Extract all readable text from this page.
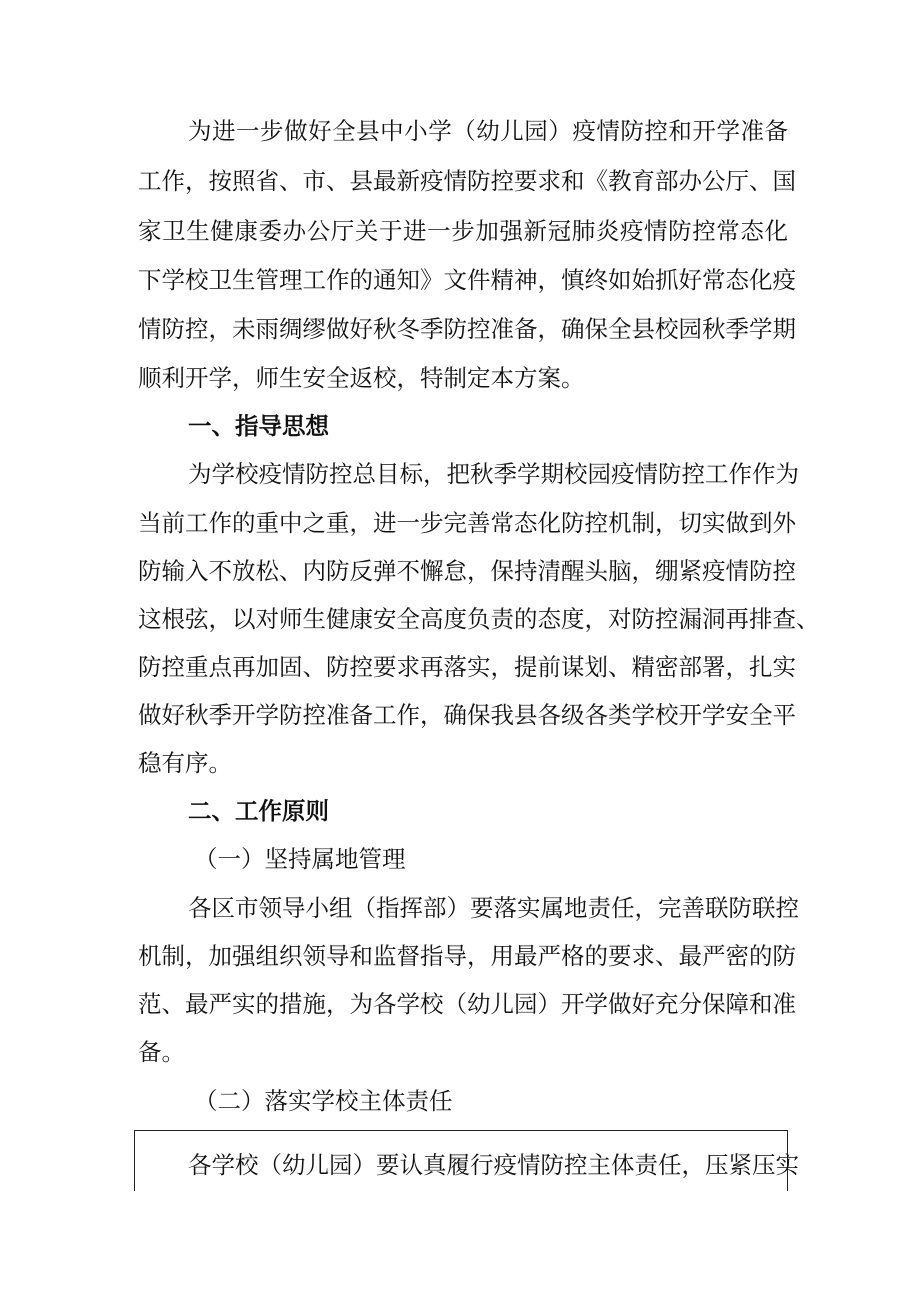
为进一步做好全县中小学（幼儿园）疫情防控和开学准备
工作，按照省、市、县最新疫情防控要求和《教育部办公厅、国
家卫生健康委办公厅关于进一步加强新冠肺炎疫情防控常态化
下学校卫生管理工作的通知》文件精神，慎终如始抓好常态化疫
情防控，未雨绸缪做好秋冬季防控准备，确保全县校园秋季学期
顺利开学，师生安全返校，特制定本方案。
一、指导思想
为学校疫情防控总目标，把秋季学期校园疫情防控工作作为
当前工作的重中之重，进一步完善常态化防控机制，切实做到外
防输入不放松、内防反弹不懈怠，保持清醒头脑，绷紧疫情防控
这根弦，以对师生健康安全高度负责的态度，对防控漏洞再排查、
防控重点再加固、防控要求再落实，提前谋划、精密部署，扎实
做好秋季开学防控准备工作，确保我县各级各类学校开学安全平
稳有序。
二、工作原则
（一）坚持属地管理
各区市领导小组（指挥部）要落实属地责任，完善联防联控
机制，加强组织领导和监督指导，用最严格的要求、最严密的防
范、最严实的措施，为各学校（幼儿园）开学做好充分保障和准
备。
（二）落实学校主体责任
各学校（幼儿园）要认真履行疫情防控主体责任，压紧压实
